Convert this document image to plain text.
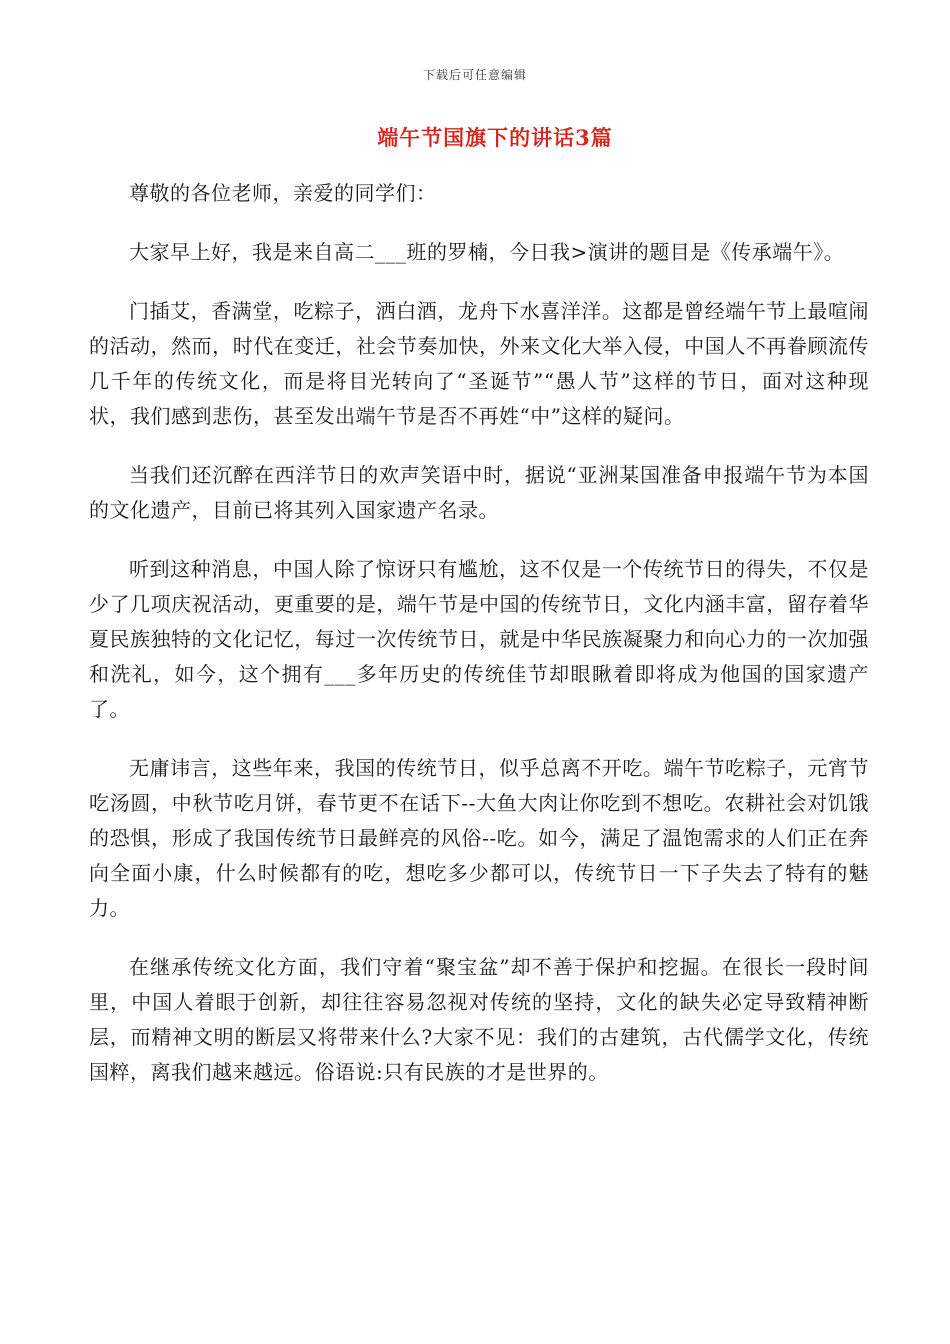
下载后可任意编辑
端午节国旗下的讲话3篇

尊敬的各位老师，亲爱的同学们：

大家早上好，我是来自高二___班的罗楠，今日我>演讲的题目是《传承端午》。

门插艾，香满堂，吃粽子，洒白酒，龙舟下水喜洋洋。这都是曾经端午节上最喧闹的活动，然而，时代在变迁，社会节奏加快，外来文化大举入侵，中国人不再眷顾流传几千年的传统文化，而是将目光转向了“圣诞节”“愚人节”这样的节日，面对这种现状，我们感到悲伤，甚至发出端午节是否不再姓“中”这样的疑问。

当我们还沉醉在西洋节日的欢声笑语中时，据说“亚洲某国准备申报端午节为本国的文化遗产，目前已将其列入国家遗产名录。

听到这种消息，中国人除了惊讶只有尴尬，这不仅是一个传统节日的得失，不仅是少了几项庆祝活动，更重要的是，端午节是中国的传统节日，文化内涵丰富，留存着华夏民族独特的文化记忆，每过一次传统节日，就是中华民族凝聚力和向心力的一次加强和洗礼，如今，这个拥有___多年历史的传统佳节却眼瞅着即将成为他国的国家遗产了。

无庸讳言，这些年来，我国的传统节日，似乎总离不开吃。端午节吃粽子，元宵节吃汤圆，中秋节吃月饼，春节更不在话下--大鱼大肉让你吃到不想吃。农耕社会对饥饿的恐惧，形成了我国传统节日最鲜亮的风俗--吃。如今，满足了温饱需求的人们正在奔向全面小康，什么时候都有的吃，想吃多少都可以，传统节日一下子失去了特有的魅力。

在继承传统文化方面，我们守着“聚宝盆”却不善于保护和挖掘。在很长一段时间里，中国人着眼于创新，却往往容易忽视对传统的坚持，文化的缺失必定导致精神断层，而精神文明的断层又将带来什么?大家不见：我们的古建筑，古代儒学文化，传统国粹，离我们越来越远。俗语说:只有民族的才是世界的。
